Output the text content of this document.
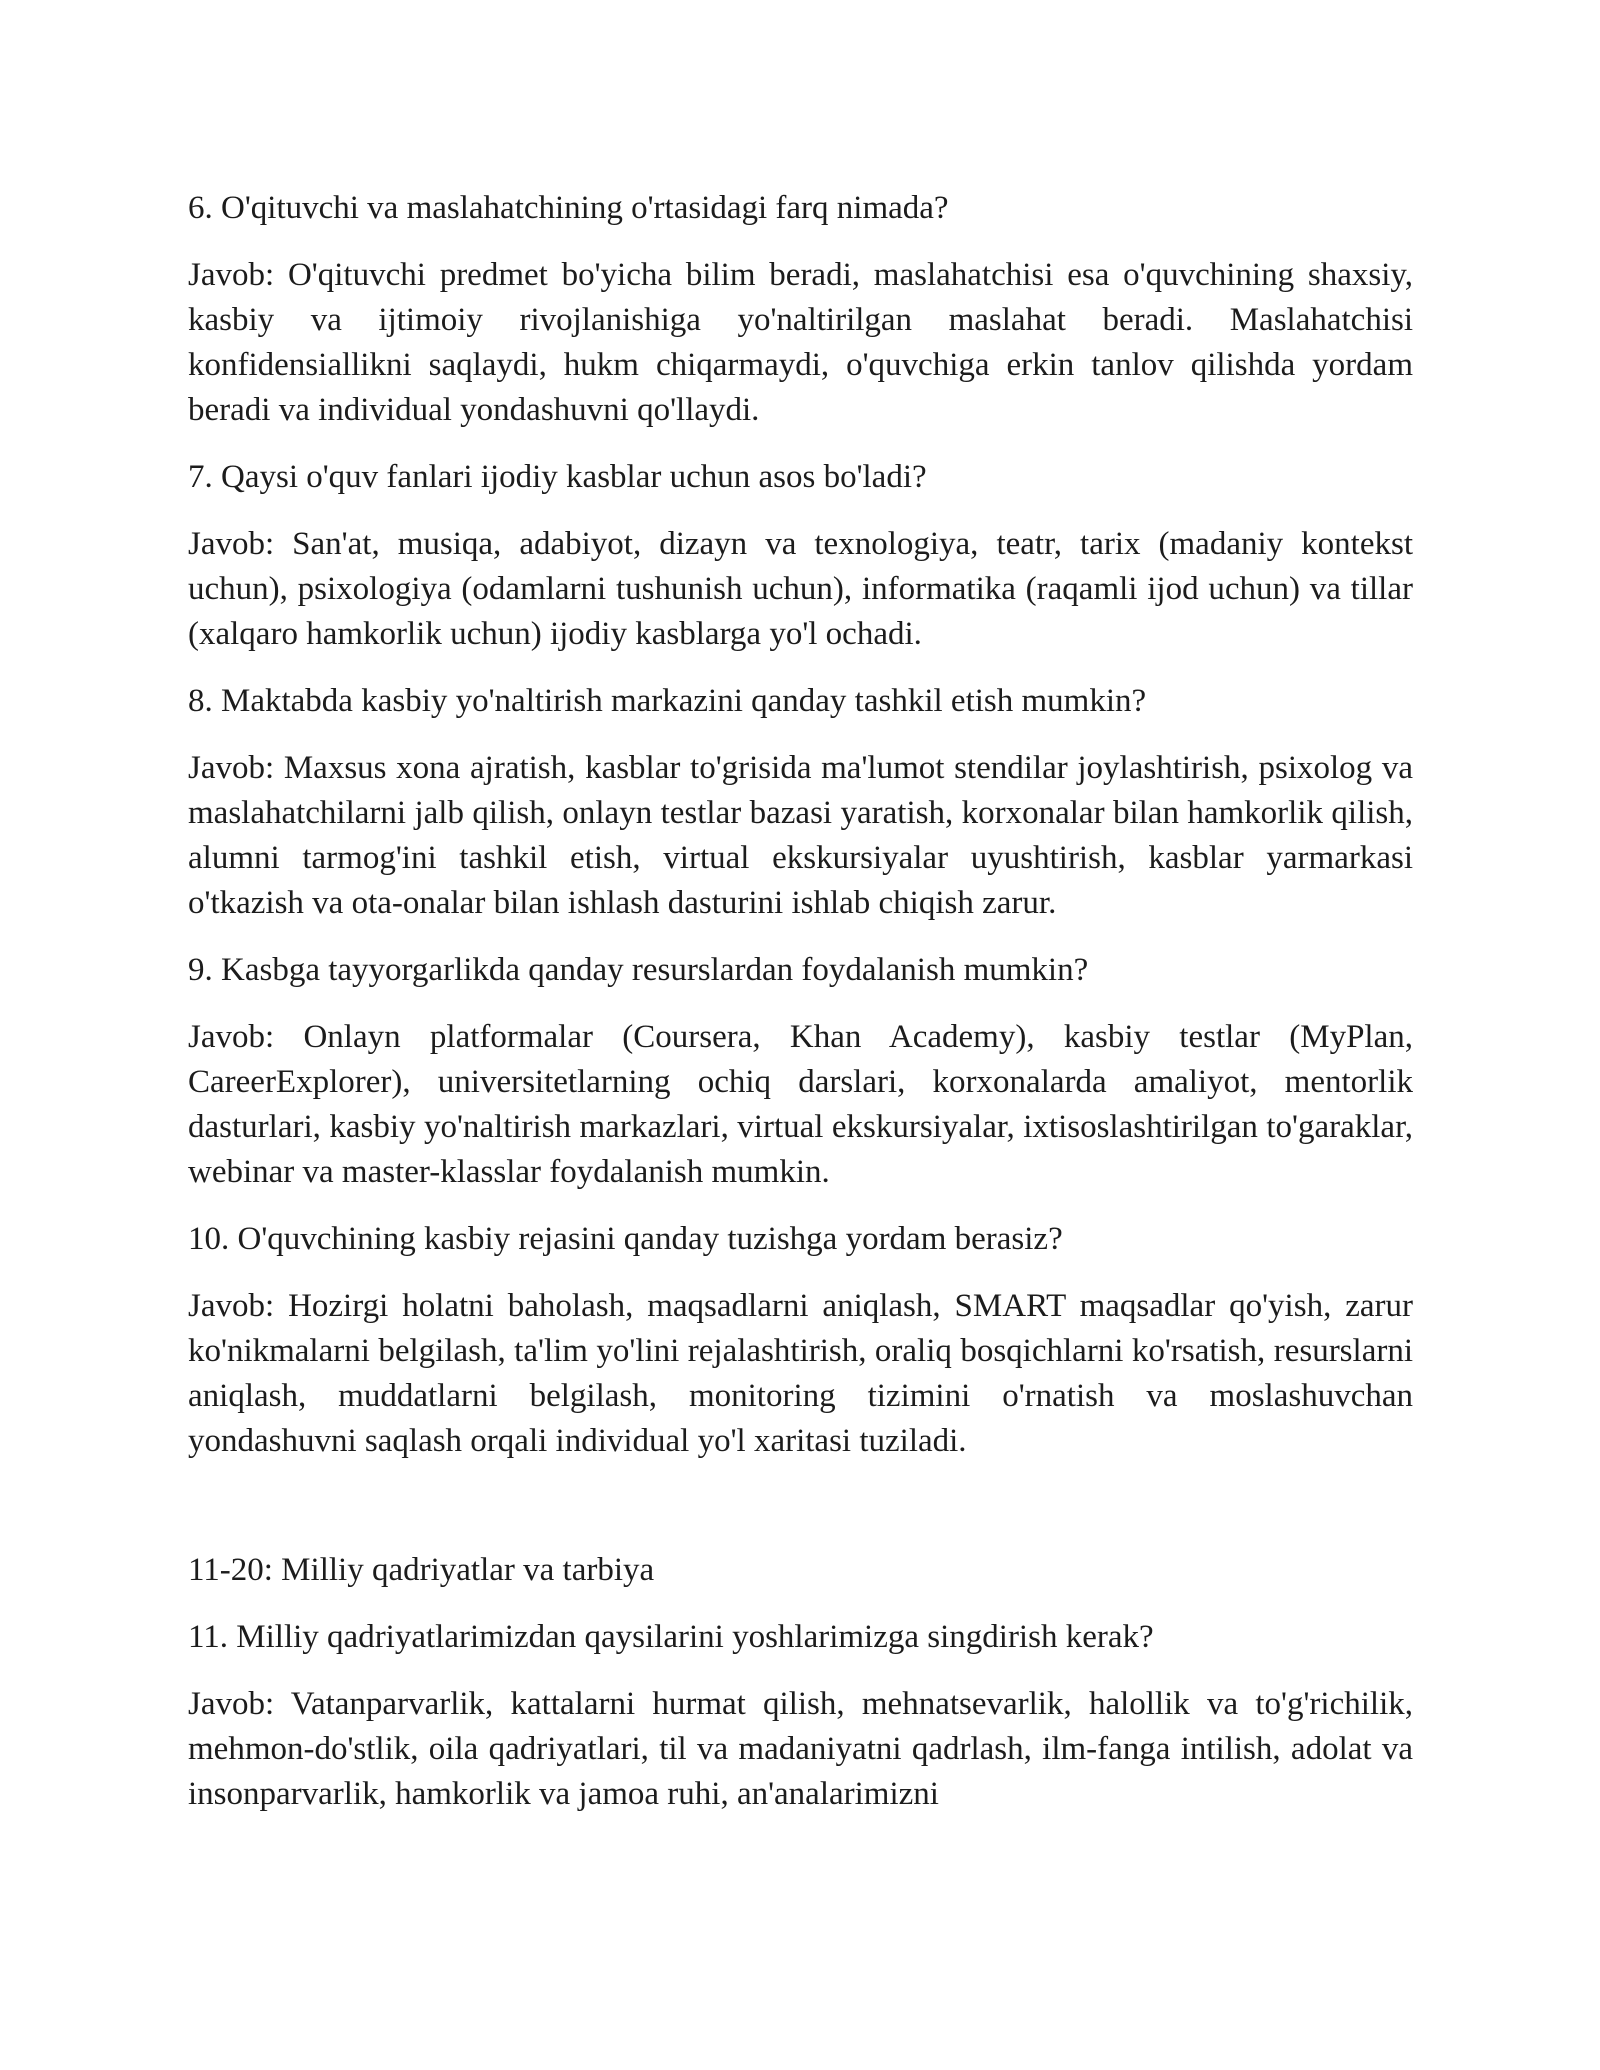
6. O'qituvchi va maslahatchining o'rtasidagi farq nimada?

Javob: O'qituvchi predmet bo'yicha bilim beradi, maslahatchisi esa o'quvchining shaxsiy, kasbiy va ijtimoiy rivojlanishiga yo'naltirilgan maslahat beradi. Maslahatchisi konfidensiallikni saqlaydi, hukm chiqarmaydi, o'quvchiga erkin tanlov qilishda yordam beradi va individual yondashuvni qo'llaydi.

7. Qaysi o'quv fanlari ijodiy kasblar uchun asos bo'ladi?

Javob: San'at, musiqa, adabiyot, dizayn va texnologiya, teatr, tarix (madaniy kontekst uchun), psixologiya (odamlarni tushunish uchun), informatika (raqamli ijod uchun) va tillar (xalqaro hamkorlik uchun) ijodiy kasblarga yo'l ochadi.

8. Maktabda kasbiy yo'naltirish markazini qanday tashkil etish mumkin?

Javob: Maxsus xona ajratish, kasblar to'grisida ma'lumot stendilar joylashtirish, psixolog va maslahatchilarni jalb qilish, onlayn testlar bazasi yaratish, korxonalar bilan hamkorlik qilish, alumni tarmog'ini tashkil etish, virtual ekskursiyalar uyushtirish, kasblar yarmarkasi o'tkazish va ota-onalar bilan ishlash dasturini ishlab chiqish zarur.

9. Kasbga tayyorgarlikda qanday resurslardan foydalanish mumkin?

Javob: Onlayn platformalar (Coursera, Khan Academy), kasbiy testlar (MyPlan, CareerExplorer), universitetlarning ochiq darslari, korxonalarda amaliyot, mentorlik dasturlari, kasbiy yo'naltirish markazlari, virtual ekskursiyalar, ixtisoslashtirilgan to'garaklar, webinar va master-klasslar foydalanish mumkin.

10. O'quvchining kasbiy rejasini qanday tuzishga yordam berasiz?

Javob: Hozirgi holatni baholash, maqsadlarni aniqlash, SMART maqsadlar qo'yish, zarur ko'nikmalarni belgilash, ta'lim yo'lini rejalashtirish, oraliq bosqichlarni ko'rsatish, resurslarni aniqlash, muddatlarni belgilash, monitoring tizimini o'rnatish va moslashuvchan yondashuvni saqlash orqali individual yo'l xaritasi tuziladi.

11-20: Milliy qadriyatlar va tarbiya

11. Milliy qadriyatlarimizdan qaysilarini yoshlarimizga singdirish kerak?

Javob: Vatanparvarlik, kattalarni hurmat qilish, mehnatsevarlik, halollik va to'g'richilik, mehmon-do'stlik, oila qadriyatlari, til va madaniyatni qadrlash, ilm-fanga intilish, adolat va insonparvarlik, hamkorlik va jamoa ruhi, an'analarimizni
